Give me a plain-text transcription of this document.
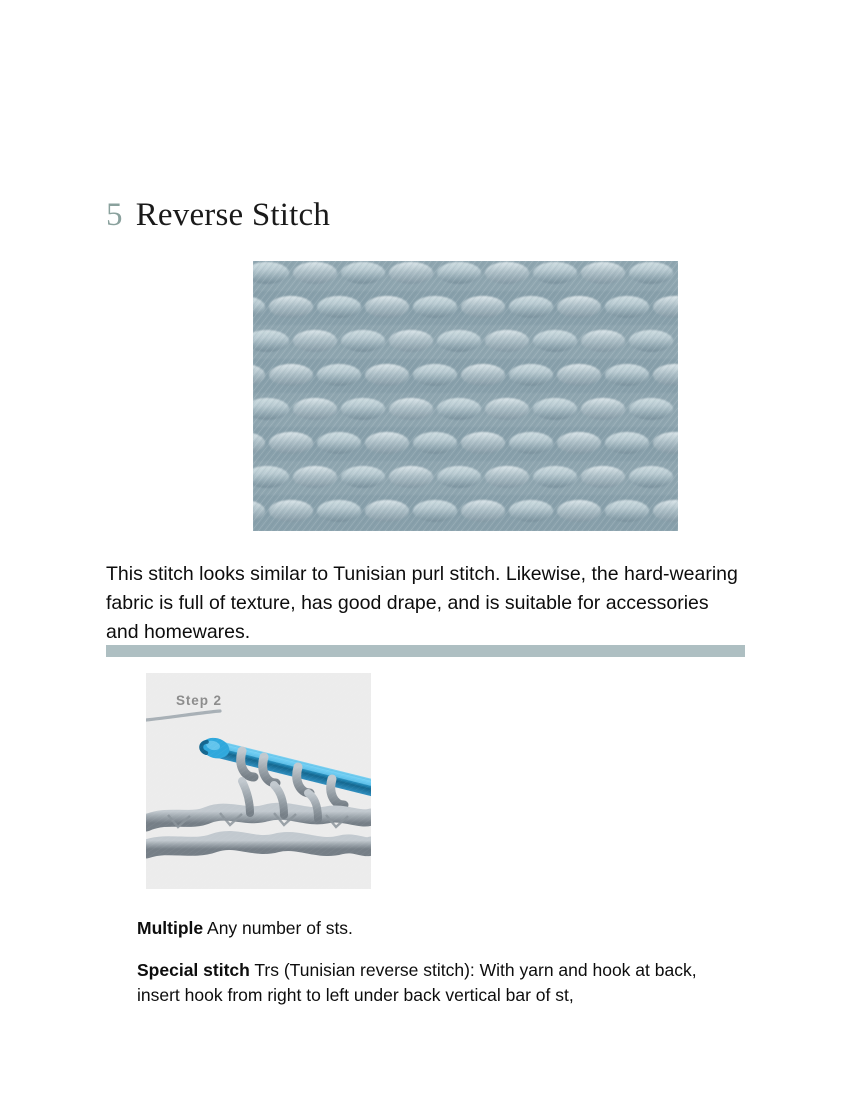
5 Reverse Stitch

This stitch looks similar to Tunisian purl stitch. Likewise, the hard-wearing fabric is full of texture, has good drape, and is suitable for accessories and homewares.

Step 2

Multiple Any number of sts.

Special stitch Trs (Tunisian reverse stitch): With yarn and hook at back, insert hook from right to left under back vertical bar of st,
